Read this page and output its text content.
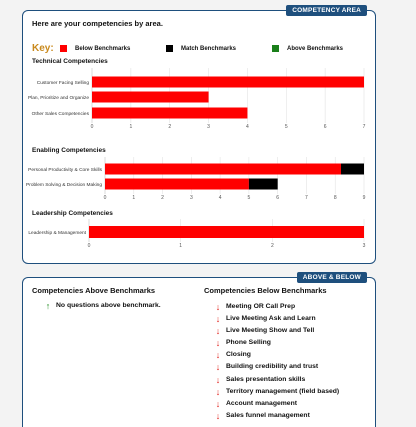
COMPETENCY AREA
Here are your competencies by area.
Key:	Below Benchmarks	Match Benchmarks	Above Benchmarks
Technical Competencies
Enabling Competencies
Leadership Competencies
0	1	2	3	4	5	6	7
Customer Facing Selling
Plan, Prioritize and Organize
Other Sales Competencies
0	1	2	3	4	5	6	7	8	9
Personal Productivity & Core Skills
Problem Solving & Decision Making
0	1	2	3
Leadership & Management
ABOVE & BELOW
Competencies Above Benchmarks	Competencies Below Benchmarks
↑ No questions above benchmark.	↓ Meeting OR Call Prep
↓ Live Meeting Ask and Learn
↓ Live Meeting Show and Tell
↓ Phone Selling
↓ Closing
↓ Building credibility and trust
↓ Sales presentation skills
↓ Territory management (field based)
↓ Account management
↓ Sales funnel management
